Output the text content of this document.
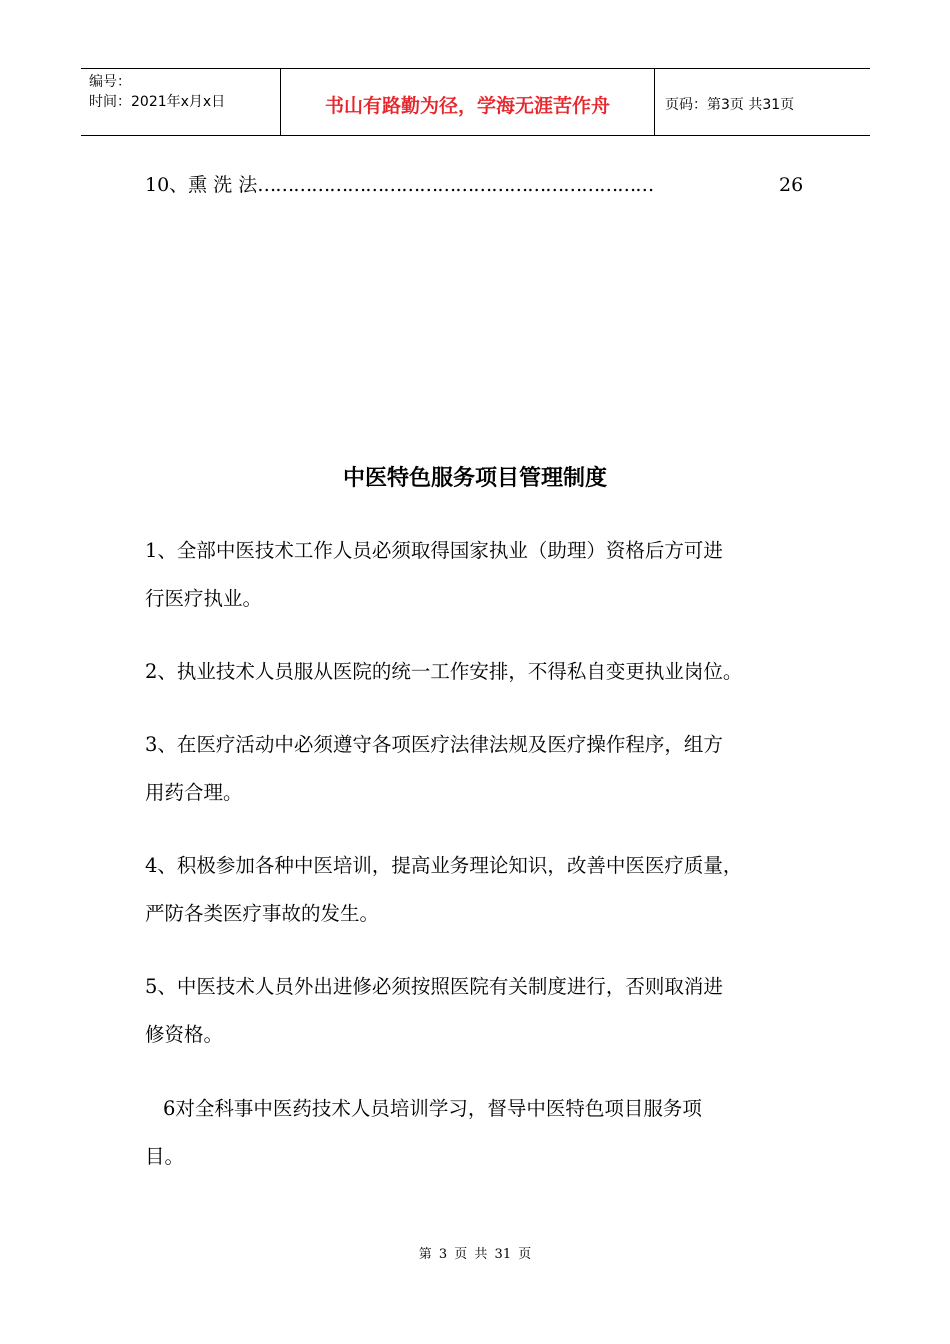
编号：
时间：2021年x月x日	书山有路勤为径，学海无涯苦作舟	页码：第3页 共31页
10、熏 洗 法 …………………………………………………………	26
中医特色服务项目管理制度

1、全部中医技术工作人员必须取得国家执业（助理）资格后方可进
行医疗执业。

2、执业技术人员服从医院的统一工作安排，不得私自变更执业岗位。

3、在医疗活动中必须遵守各项医疗法律法规及医疗操作程序，组方
用药合理。

4、积极参加各种中医培训，提高业务理论知识，改善中医医疗质量，
严防各类医疗事故的发生。

5、中医技术人员外出进修必须按照医院有关制度进行，否则取消进
修资格。

6对全科事中医药技术人员培训学习，督导中医特色项目服务项
目。

第 3 页 共 31 页
